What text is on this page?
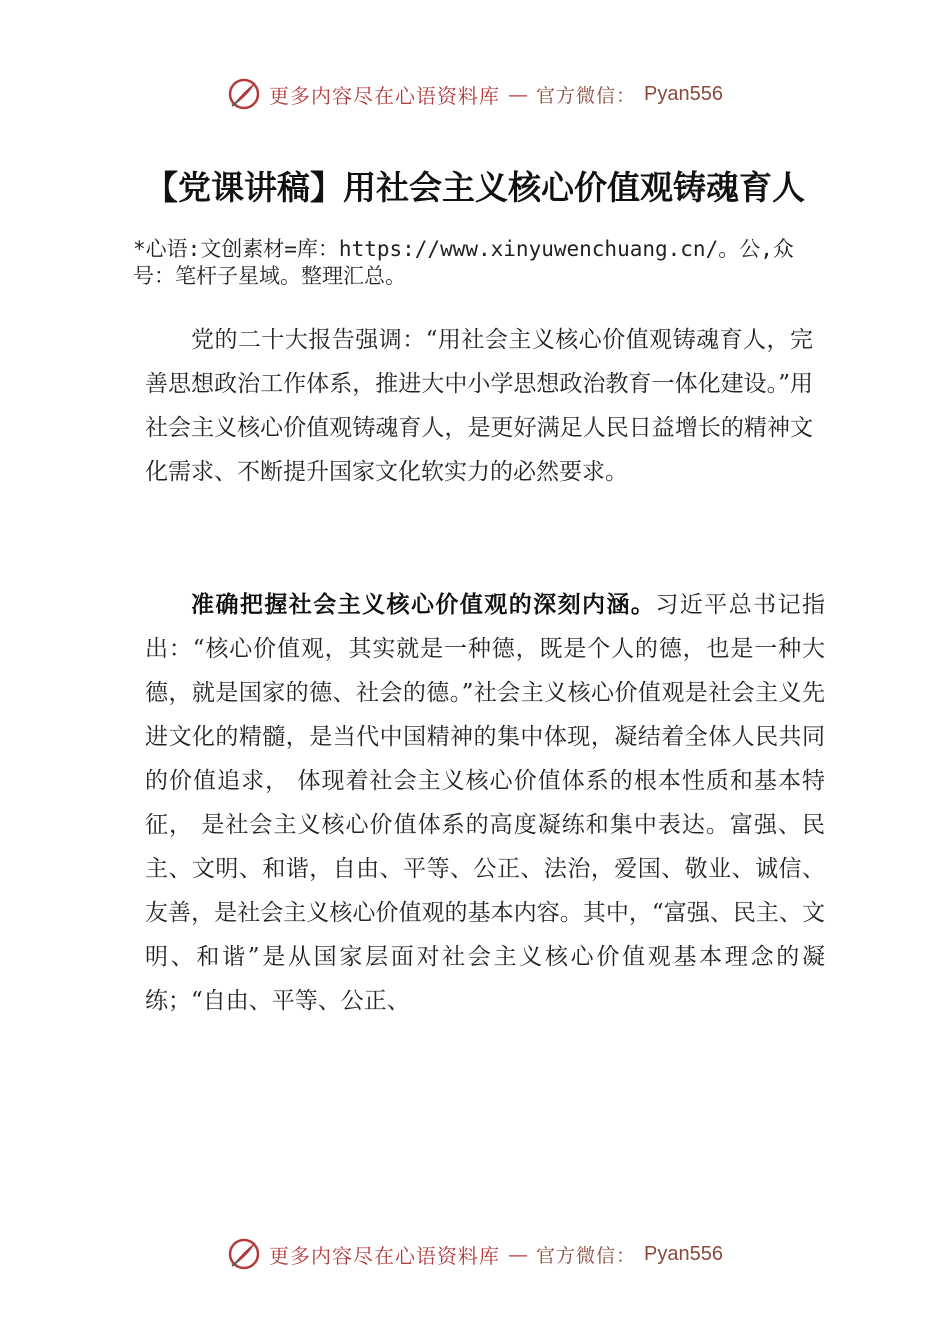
更多内容尽在心语资料库 — 官方微信： Pyan556
【党课讲稿】用社会主义核心价值观铸魂育人
*心语:文创素材=库：https://www.xinyuwenchuang.cn/。公,众号：笔杆子星域。整理汇总。

党的二十大报告强调：“用社会主义核心价值观铸魂育人，完善思想政治工作体系，推进大中小学思想政治教育一体化建设。”用社会主义核心价值观铸魂育人，是更好满足人民日益增长的精神文化需求、不断提升国家文化软实力的必然要求。

准确把握社会主义核心价值观的深刻内涵。习近平总书记指出：“核心价值观，其实就是一种德，既是个人的德，也是一种大德，就是国家的德、社会的德。”社会主义核心价值观是社会主义先进文化的精髓，是当代中国精神的集中体现，凝结着全体人民共同的价值追求， 体现着社会主义核心价值体系的根本性质和基本特征， 是社会主义核心价值体系的高度凝练和集中表达。富强、民主、文明、和谐，自由、平等、公正、法治，爱国、敬业、诚信、友善，是社会主义核心价值观的基本内容。其中，“富强、民主、文明、和谐”是从国家层面对社会主义核心价值观基本理念的凝练；“自由、平等、公正、

更多内容尽在心语资料库 — 官方微信： Pyan556
